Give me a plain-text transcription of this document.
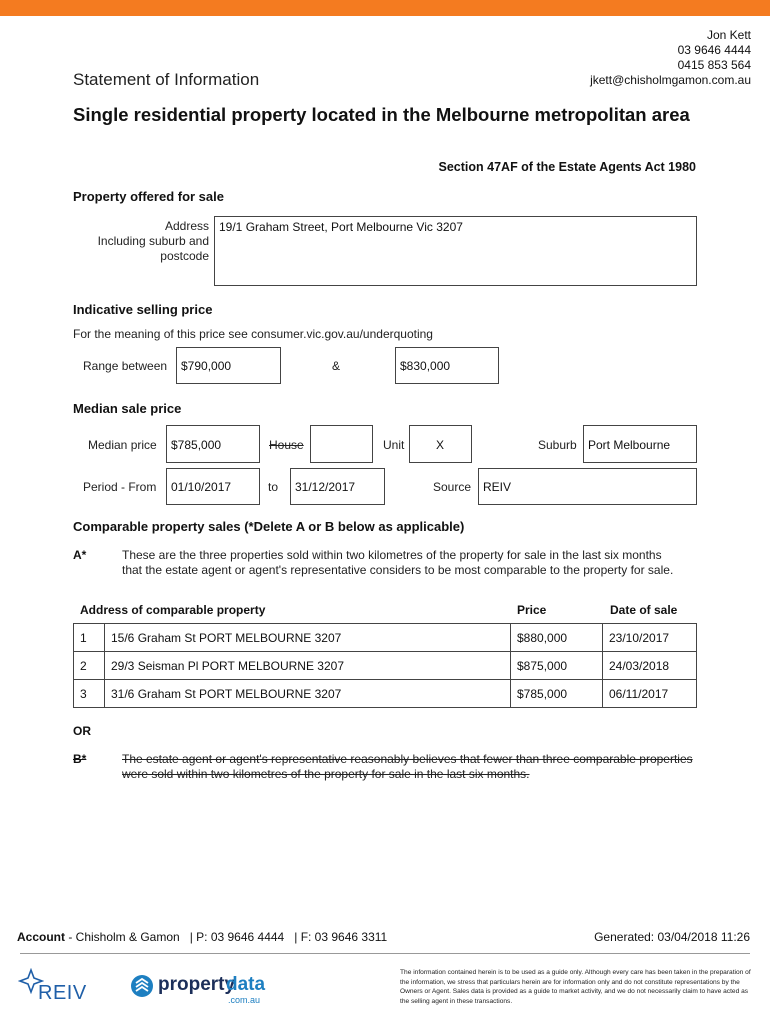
Jon Kett
03 9646 4444
0415 853 564
jkett@chisholmgamon.com.au
Statement of Information
Single residential property located in the Melbourne metropolitan area
Section 47AF of the Estate Agents Act 1980
Property offered for sale
Address
Including suburb and
postcode
19/1 Graham Street, Port Melbourne Vic 3207
Indicative selling price
For the meaning of this price see consumer.vic.gov.au/underquoting
Range between	$790,000	&	$830,000
Median sale price
Median price	$785,000	House	Unit	X	Suburb Port Melbourne
Period - From	01/10/2017	to	31/12/2017	Source REIV
Comparable property sales (*Delete A or B below as applicable)
A*	These are the three properties sold within two kilometres of the property for sale in the last six months that the estate agent or agent's representative considers to be most comparable to the property for sale.
Address of comparable property	Price	Date of sale
1	15/6 Graham St PORT MELBOURNE 3207	$880,000	23/10/2017
2	29/3 Seisman Pl PORT MELBOURNE 3207	$875,000	24/03/2018
3	31/6 Graham St PORT MELBOURNE 3207	$785,000	06/11/2017
OR
B*	The estate agent or agent's representative reasonably believes that fewer than three comparable properties were sold within two kilometres of the property for sale in the last six months.
Account - Chisholm & Gamon   | P: 03 9646 4444   | F: 03 9646 3311	Generated: 03/04/2018 11:26
REIV	property
data
.com.au
The information contained herein is to be used as a guide only. Although every care has been taken in the preparation of the information, we stress that particulars herein are for information only and do not constitute representations by the Owners or Agent. Sales data is provided as a guide to market activity, and we do not necessarily claim to have acted as the selling agent in these transactions.
